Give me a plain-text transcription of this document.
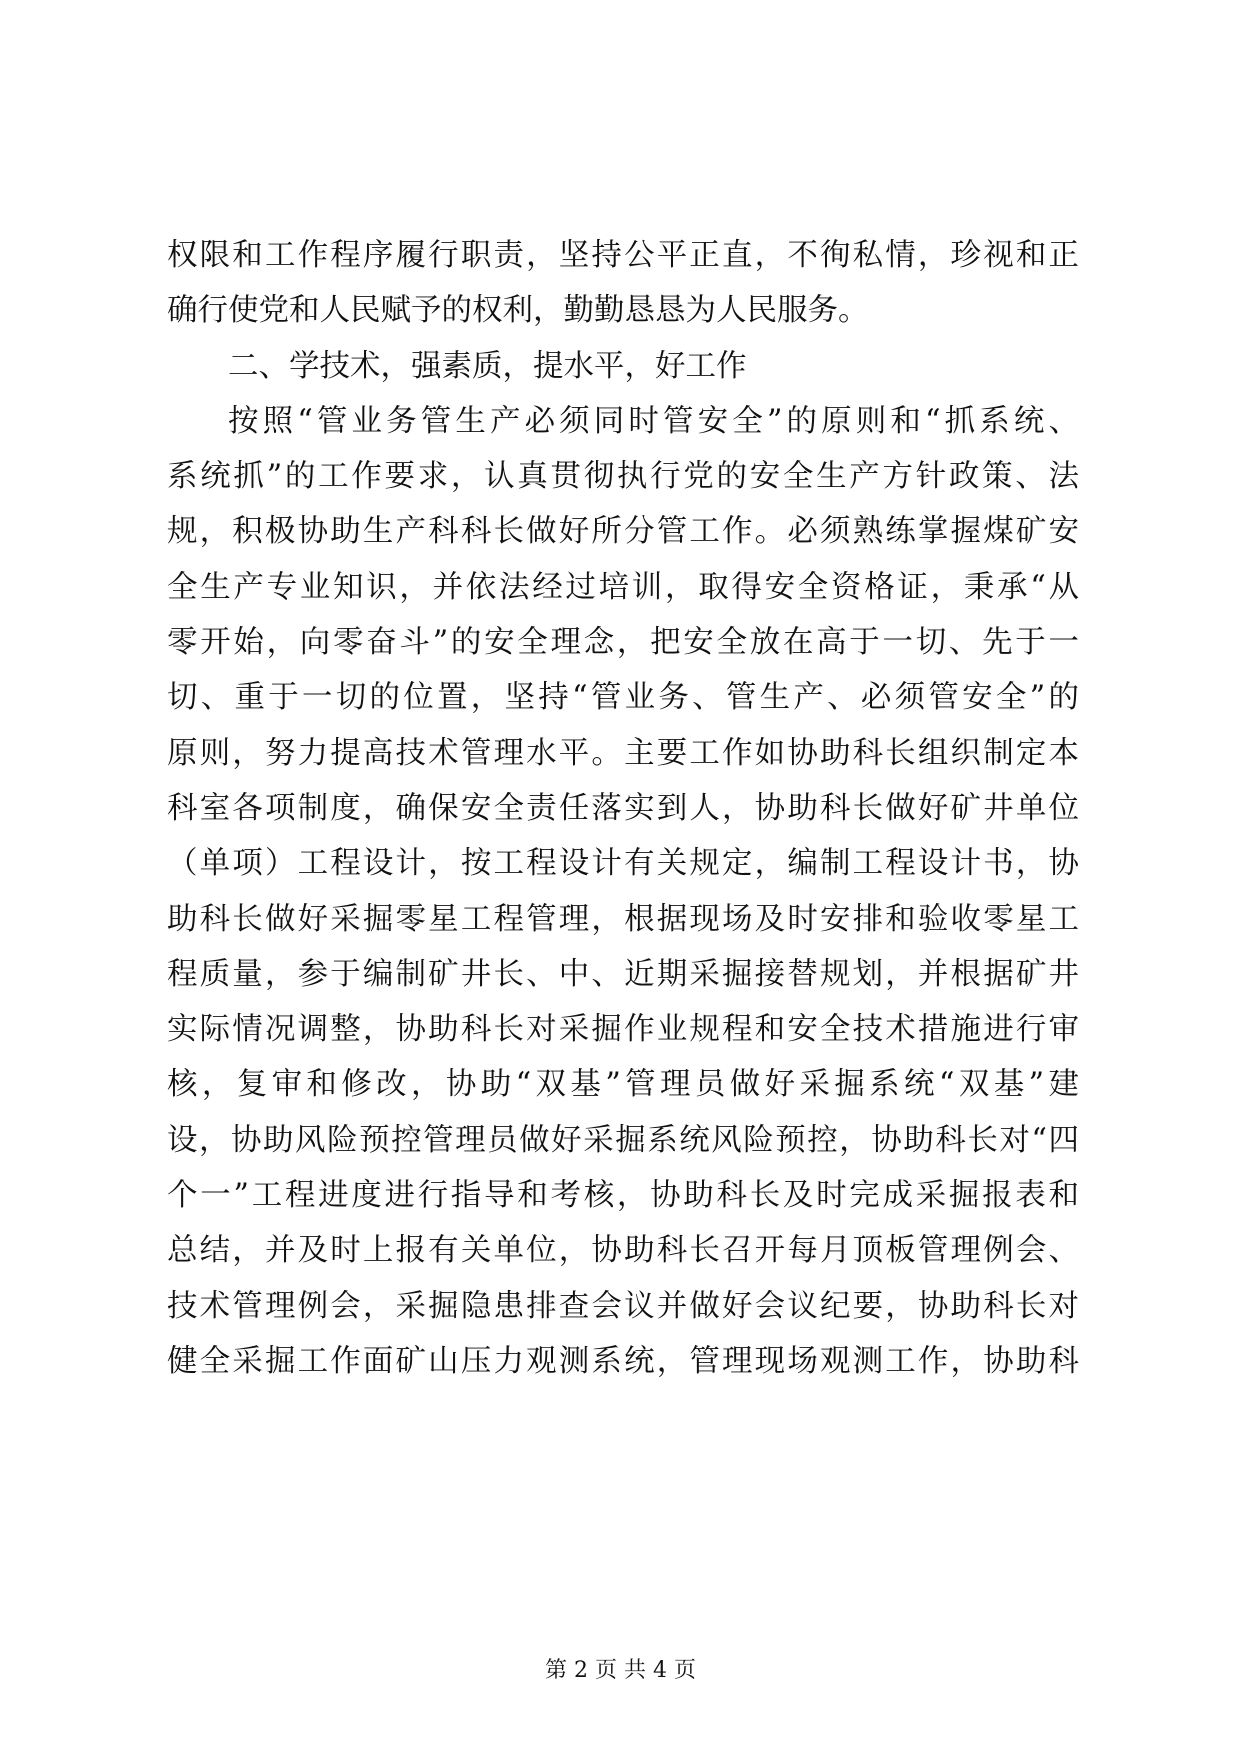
权限和工作程序履行职责，坚持公平正直，不徇私情，珍视和正
确行使党和人民赋予的权利，勤勤恳恳为人民服务。
二、学技术，强素质，提水平，好工作
按照“管业务管生产必须同时管安全”的原则和“抓系统、
系统抓”的工作要求，认真贯彻执行党的安全生产方针政策、法
规，积极协助生产科科长做好所分管工作。必须熟练掌握煤矿安
全生产专业知识，并依法经过培训，取得安全资格证，秉承“从
零开始，向零奋斗”的安全理念，把安全放在高于一切、先于一
切、重于一切的位置，坚持“管业务、管生产、必须管安全”的
原则，努力提高技术管理水平。主要工作如协助科长组织制定本
科室各项制度，确保安全责任落实到人，协助科长做好矿井单位
（单项）工程设计，按工程设计有关规定，编制工程设计书，协
助科长做好采掘零星工程管理，根据现场及时安排和验收零星工
程质量，参于编制矿井长、中、近期采掘接替规划，并根据矿井
实际情况调整，协助科长对采掘作业规程和安全技术措施进行审
核，复审和修改，协助“双基”管理员做好采掘系统“双基”建
设，协助风险预控管理员做好采掘系统风险预控，协助科长对“四
个一”工程进度进行指导和考核，协助科长及时完成采掘报表和
总结，并及时上报有关单位，协助科长召开每月顶板管理例会、
技术管理例会，采掘隐患排查会议并做好会议纪要，协助科长对
健全采掘工作面矿山压力观测系统，管理现场观测工作，协助科
第 2 页 共 4 页
